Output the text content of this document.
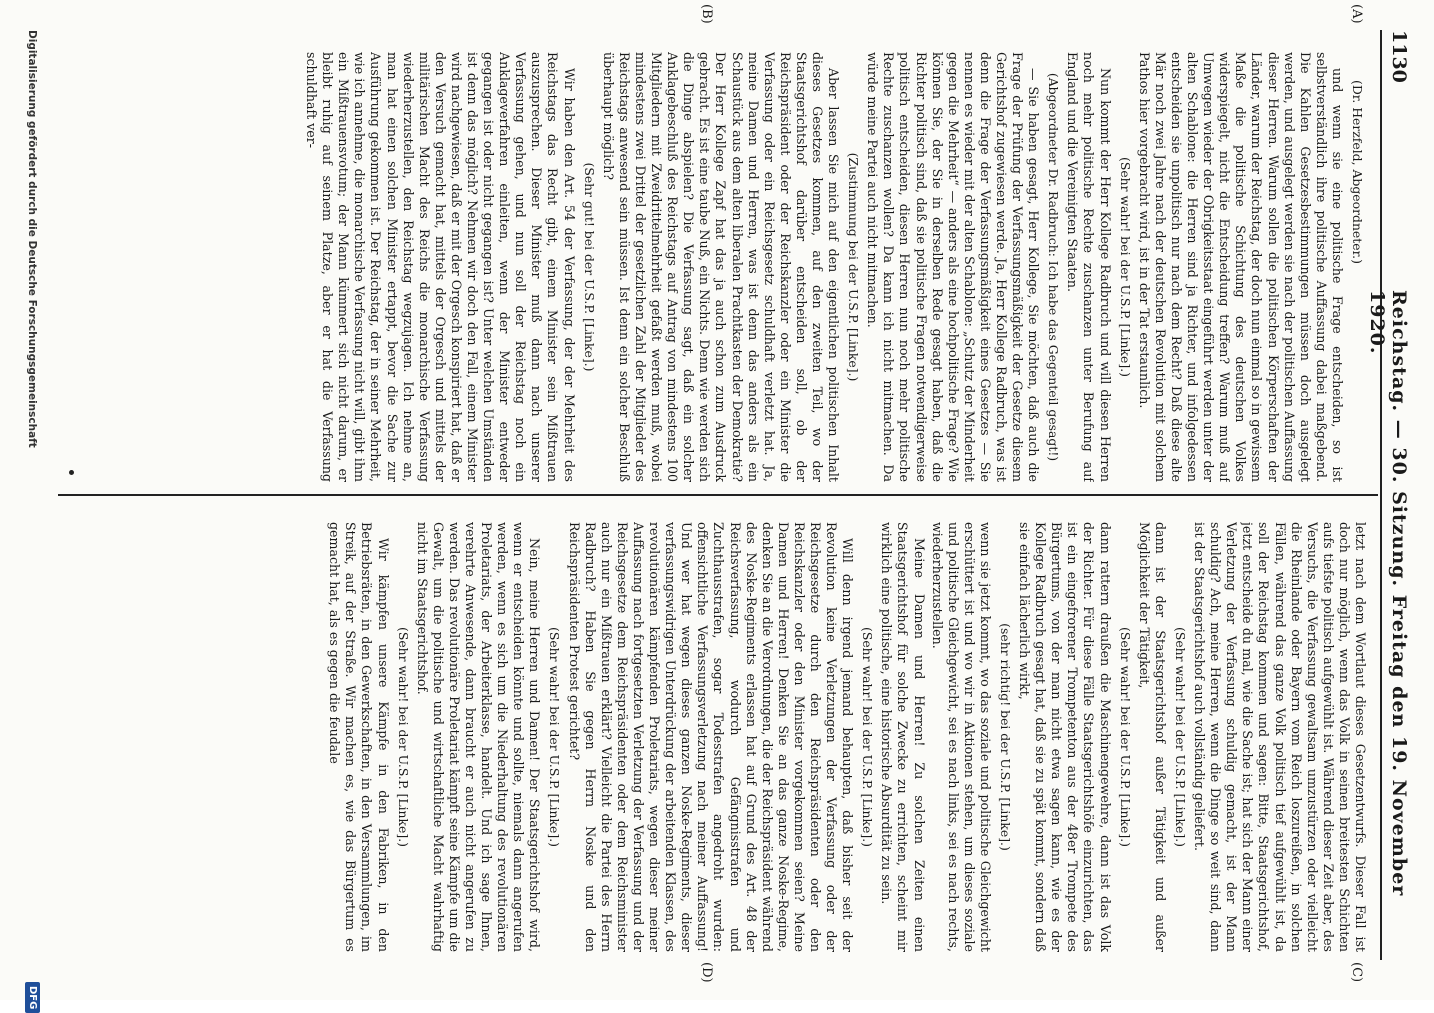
1130
Reichstag. — 30. Sitzung. Freitag den 19. November 1920.
(A)
(B)
(C)
(D)

(Dr. Herzfeld, Abgeordneter.)

und wenn sie eine politische Frage entscheiden, so ist selbstverständlich ihre politische Auffassung dabei maßgebend. Die Kahlen Gesetzesbestimmungen müssen doch ausgelegt werden, und ausgelegt werden sie nach der politischen Auffassung dieser Herren. Warum sollen die politischen Körperschaften der Länder, warum der Reichstag, der doch nun einmal so in gewissem Maße die politische Schichtung des deutschen Volkes widerspiegelt, nicht die Entscheidung treffen? Warum muß auf Umwegen wieder der Obrigkeitsstaat eingeführt werden unter der alten Schablone: die Herren sind ja Richter, und infolgedessen entscheiden sie unpolitisch nur nach dem Recht? Daß diese alte Mär noch zwei Jahre nach der deutschen Revolution mit solchem Pathos hier vorgebracht wird, ist in der Tat erstaunlich.

(Sehr wahr! bei der U.S.P. [Linke].)

Nun kommt der Herr Kollege Radbruch und will diesen Herren noch mehr politische Rechte zuschanzen unter Berufung auf England und die Vereinigten Staaten.

(Abgeordneter Dr. Radbruch: Ich habe das Gegenteil gesagt!)

— Sie haben gesagt, Herr Kollege, Sie möchten, daß auch die Frage der Prüfung der Verfassungsmäßigkeit der Gesetze diesem Gerichtshof zugewiesen werde. Ja, Herr Kollege Radbruch, was ist denn die Frage der Verfassungsmäßigkeit eines Gesetzes — Sie nennen es wieder mit der alten Schablone: „Schutz der Minderheit gegen die Mehrheit“ — anders als eine hochpolitische Frage? Wie können Sie, der Sie in derselben Rede gesagt haben, daß die Richter politisch sind, daß sie politische Fragen notwendigerweise politisch entscheiden, diesen Herren nun noch mehr politische Rechte zuschanzen wollen? Da kann ich nicht mitmachen. Da würde meine Partei auch nicht mitmachen.

(Zustimmung bei der U.S.P. [Linke].)

Aber lassen Sie mich auf den eigentlichen politischen Inhalt dieses Gesetzes kommen, auf den zweiten Teil, wo der Staatsgerichtshof darüber entscheiden soll, ob der Reichspräsident oder der Reichskanzler oder ein Minister die Verfassung oder ein Reichsgesetz schuldhaft verletzt hat. Ja, meine Damen und Herren, was ist denn das anders als ein Schaustück aus dem alten liberalen Prachtkasten der Demokratie? Der Herr Kollege Zapf hat das ja auch schon zum Ausdruck gebracht. Es ist eine taube Nuß, ein Nichts. Denn wie werden sich die Dinge abspielen? Die Verfassung sagt, daß ein solcher Anklagebeschluß des Reichstags auf Antrag von mindestens 100 Mitgliedern mit Zweidrittelmehrheit gefaßt werden muß, wobei mindestens zwei Drittel der gesetzlichen Zahl der Mitglieder des Reichstags anwesend sein müssen. Ist denn ein solcher Beschluß überhaupt möglich?

(Sehr gut! bei der U.S.P. [Linke].)

Wir haben den Art. 54 der Verfassung, der der Mehrheit des Reichstags das Recht gibt, einem Minister sein Mißtrauen auszusprechen. Dieser Minister muß dann nach unserer Verfassung gehen, und nun soll der Reichstag noch ein Anklageverfahren einleiten, wenn der Minister entweder gegangen ist oder nicht gegangen ist? Unter welchen Umständen ist denn das möglich? Nehmen wir doch den Fall, einem Minister wird nachgewiesen, daß er mit der Orgesch konspiriert hat, daß er den Versuch gemacht hat, mittels der Orgesch und mittels der militärischen Macht des Reichs die monarchische Verfassung wiederherzustellen, den Reichstag wegzujagen. Ich nehme an, man hat einen solchen Minister ertappt, bevor die Sache zur Ausführung gekommen ist. Der Reichstag, der in seiner Mehrheit, wie ich annehme, die monarchische Verfassung nicht will, gibt ihm ein Mißtrauensvotum; der Mann kümmert sich nicht darum, er bleibt ruhig auf seinem Platze, aber er hat die Verfassung schuldhaft ver-

letzt nach dem Wortlaut dieses Gesetzentwurfs. Dieser Fall ist doch nur möglich, wenn das Volk in seinen breitesten Schichten aufs tiefste politisch aufgewühlt ist. Während dieser Zeit aber, des Versuchs, die Verfassung gewaltsam umzustürzen oder vielleicht die Rheinlande oder Bayern vom Reich loszureißen, in solchen Fällen, während das ganze Volk politisch tief aufgewühlt ist, da soll der Reichstag kommen und sagen: Bitte, Staatsgerichtshof, jetzt entscheide du mal, wie die Sache ist; hat sich der Mann einer Verletzung der Verfassung schuldig gemacht, ist der Mann schuldig? Ach, meine Herren, wenn die Dinge so weit sind, dann ist der Staatsgerichtshof auch vollständig geliefert.

(Sehr wahr! bei der U.S.P. [Linke].)

dann ist der Staatsgerichtshof außer Tätigkeit und außer Möglichkeit der Tätigkeit,

(Sehr wahr! bei der U.S.P. [Linke].)

dann rattern draußen die Maschinengewehre, dann ist das Volk der Richter. Für diese Fälle Staatsgerichtshöfe einzurichten, das ist ein eingefrorener Trompetenton aus der 48er Trompete des Bürgertums, von der man nicht etwa sagen kann, wie es der Kollege Radbruch gesagt hat, daß sie zu spät kommt, sondern daß sie einfach lächerlich wirkt,

(sehr richtig! bei der U.S.P. [Linke].)

wenn sie jetzt kommt, wo das soziale und politische Gleichgewicht erschüttert ist und wo wir in Aktionen stehen, um dieses soziale und politische Gleichgewicht, sei es nach links, sei es nach rechts, wiederherzustellen.

Meine Damen und Herren! Zu solchen Zeiten einen Staatsgerichtshof für solche Zwecke zu errichten, scheint mir wirklich eine politische, eine historische Absurdität zu sein.

(Sehr wahr! bei der U.S.P. [Linke].)

Will denn irgend jemand behaupten, daß bisher seit der Revolution keine Verletzungen der Verfassung oder der Reichsgesetze durch den Reichspräsidenten oder den Reichskanzler oder den Minister vorgekommen seien? Meine Damen und Herren! Denken Sie an das ganze Noske-Regime, denken Sie an die Verordnungen, die der Reichspräsident während des Noske-Regiments erlassen hat auf Grund des Art. 48 der Reichsverfassung, wodurch Gefängnisstrafen und Zuchthausstrafen, sogar Todesstrafen angedroht wurden: offensichtliche Verfassungsverletzung nach meiner Auffassung! Und wer hat wegen dieses ganzen Noske-Regiments, dieser verfassungswidrigen Unterdrückung der arbeitenden Klassen, des revolutionären kämpfenden Proletariats, wegen dieser meiner Auffassung nach fortgesetzten Verletzung der Verfassung und der Reichsgesetze dem Reichspräsidenten oder dem Reichsminister auch nur ein Mißtrauen erklärt? Vielleicht die Partei des Herrn Radbruch? Haben Sie gegen Herrn Noske und den Reichspräsidenten Protest gerichtet?

(Sehr wahr! bei der U.S.P. [Linke].)

Nein, meine Herren und Damen! Der Staatsgerichtshof wird, wenn er entscheiden könnte und sollte, niemals dann angerufen werden, wenn es sich um die Niederhaltung des revolutionären Proletariats, der Arbeiterklasse, handelt. Und ich sage Ihnen, verehrte Anwesende, dann braucht er auch nicht angerufen zu werden. Das revolutionäre Proletariat kämpft seine Kämpfe um die Gewalt, um die politische und wirtschaftliche Macht wahrhaftig nicht im Staatsgerichtshof.

(Sehr wahr! bei der U.S.P. [Linke].)

Wir kämpfen unsere Kämpfe in den Fabriken, in den Betriebsräten, in den Gewerkschaften, in den Versammlungen, im Streik, auf der Straße. Wir machen es, wie das Bürgertum es gemacht hat, als es gegen die feudale

Digitalisierung gefördert durch die Deutsche Forschungsgemeinschaft
DFG
